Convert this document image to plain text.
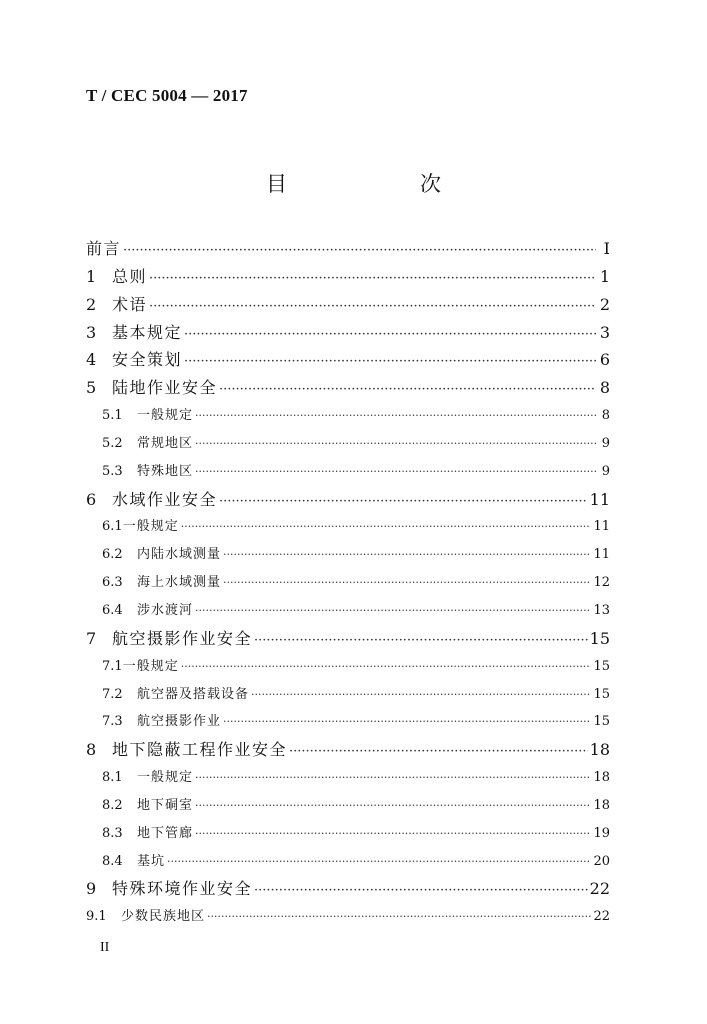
T / CEC 5004 — 2017
目　次
前言 ·····	Ⅰ
1 总则 ·····	1
2 术语 ·····	2
3 基本规定 ·····	3
4 安全策划 ·····	6
5 陆地作业安全 ·····	8
5.1	一般规定 ·····	8
5.2	常规地区 ·····	9
5.3	特殊地区 ·····	9
6 水域作业安全 ·····	11
6.1 一般规定 ·····	11
6.2	内陆水域测量 ·····	11
6.3	海上水域测量 ·····	12
6.4	涉水渡河 ·····	13
7 航空摄影作业安全 ·····	15
7.1 一般规定 ·····	15
7.2	航空器及搭载设备 ·····	15
7.3	航空摄影作业 ·····	15
8 地下隐蔽工程作业安全 ·····	18
8.1	一般规定 ·····	18
8.2	地下硐室 ·····	18
8.3	地下管廊 ·····	19
8.4	基坑 ·····	20
9 特殊环境作业安全 ·····	22
9.1	少数民族地区 ·····	22
II
